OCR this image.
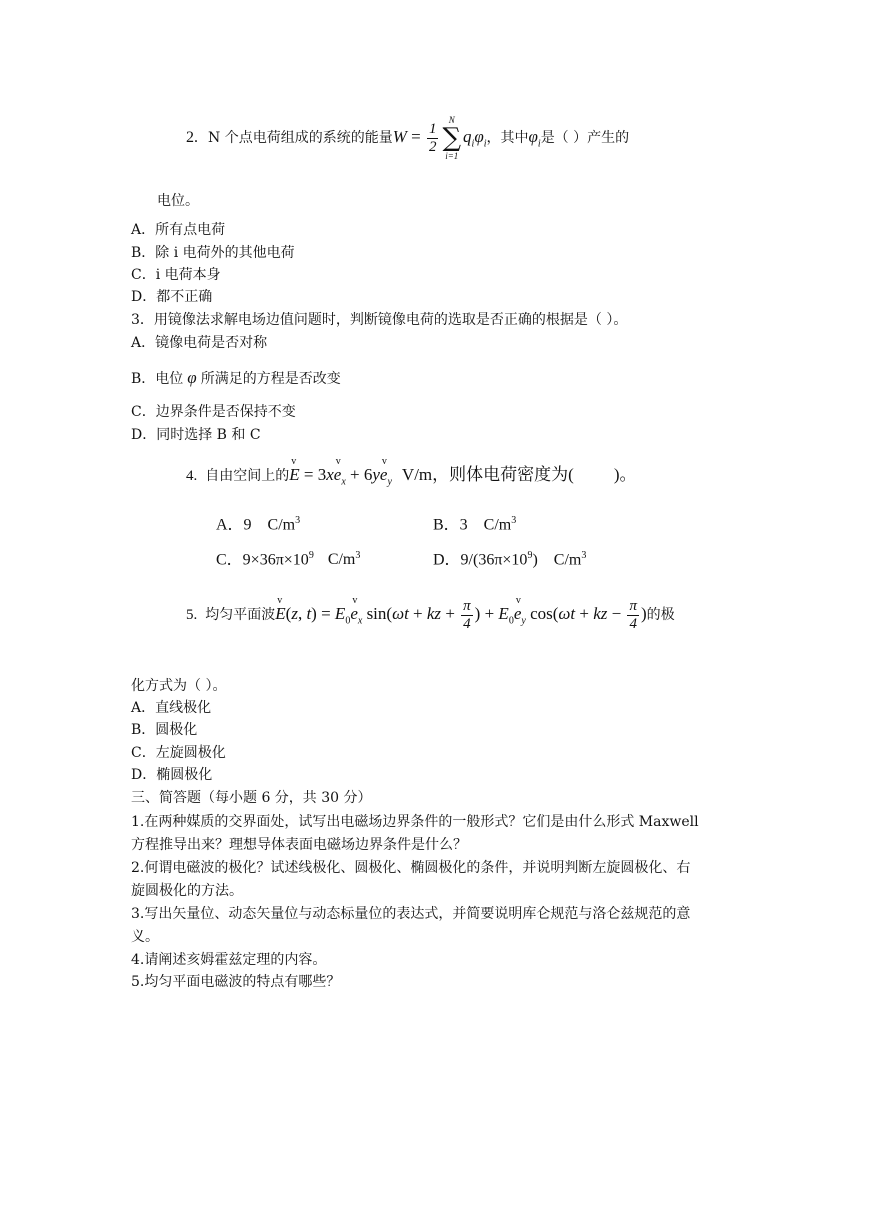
2. N 个点电荷组成的系统的能量$W = \frac{1}{2}$
N
∑
i=1
$q_i\varphi_i$，其中$\varphi_i$是（ ）产生的
电位。
A．所有点电荷
B．除 i 电荷外的其他电荷
C．i 电荷本身
D．都不正确
3．用镜像法求解电场边值问题时，判断镜像电荷的选取是否正确的根据是（ ）。
A．镜像电荷是否对称
B．电位 φ 所满足的方程是否改变
C．边界条件是否保持不变
D．同时选择 B 和 C
4. 自由空间上的v E = 3xv $e_x + 6yv$ $e_y$ V/m，则体电荷密度为( )。
A．9　$C/m^3$	B．3　$C/m^3$
C．$9\times 36\pi\times 10^9$ $C/m^3$	D．$9/(36\pi\times 10^9)$　$C/m^3$
5. 均匀平面波v E(z, $t) = E_0v$ $e_x$ sin(ωt + kz + $\frac{\pi}{4}$ ) + $E_0v$ $e_y$ cos(ωt + kz − $\frac{\pi}{4}$ )的极
化方式为（ ）。
A．直线极化
B．圆极化
C．左旋圆极化
D．椭圆极化
三、简答题（每小题 6 分，共 30 分）
1.在两种媒质的交界面处，试写出电磁场边界条件的一般形式？它们是由什么形式 Maxwell
方程推导出来？理想导体表面电磁场边界条件是什么？
2.何谓电磁波的极化？试述线极化、圆极化、椭圆极化的条件，并说明判断左旋圆极化、右
旋圆极化的方法。
3.写出矢量位、动态矢量位与动态标量位的表达式，并简要说明库仑规范与洛仑兹规范的意
义。
4.请阐述亥姆霍兹定理的内容。
5.均匀平面电磁波的特点有哪些？
